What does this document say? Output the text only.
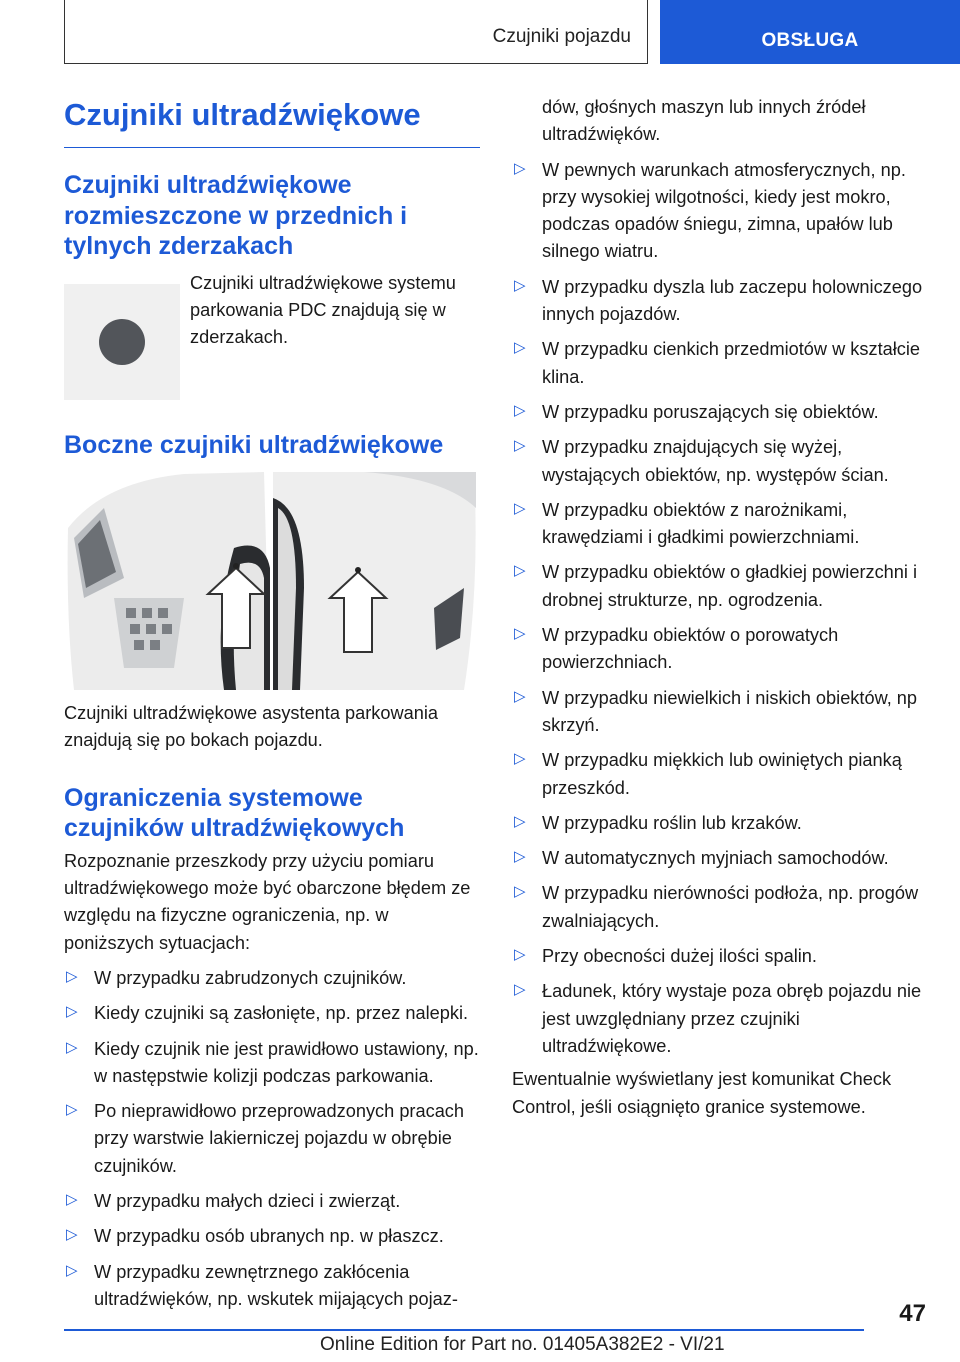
Czujniki pojazdu	OBSŁUGA
Czujniki ultradźwiękowe
Czujniki ultradźwiękowe rozmieszczone w przednich i tylnych zderzakach

Czujniki ultradźwiękowe systemu parkowania PDC znajdują się w zderzakach.

Boczne czujniki ultradźwiękowe

Czujniki ultradźwiękowe asystenta parkowania znajdują się po bokach pojazdu.

Ograniczenia systemowe czujników ultradźwiękowych

Rozpoznanie przeszkody przy użyciu pomiaru ultradźwiękowego może być obarczone błędem ze względu na fizyczne ograniczenia, np. w poniższych sytuacjach:

▷ W przypadku zabrudzonych czujników.
▷ Kiedy czujniki są zasłonięte, np. przez nalepki.
▷ Kiedy czujnik nie jest prawidłowo ustawiony, np. w następstwie kolizji podczas parkowania.
▷ Po nieprawidłowo przeprowadzonych pracach przy warstwie lakierniczej pojazdu w obrębie czujników.
▷ W przypadku małych dzieci i zwierząt.
▷ W przypadku osób ubranych np. w płaszcz.
▷ W przypadku zewnętrznego zakłócenia ultradźwięków, np. wskutek mijających pojaz-
dów, głośnych maszyn lub innych źródeł ultradźwięków.
▷ W pewnych warunkach atmosferycznych, np. przy wysokiej wilgotności, kiedy jest mokro, podczas opadów śniegu, zimna, upałów lub silnego wiatru.
▷ W przypadku dyszla lub zaczepu holowniczego innych pojazdów.
▷ W przypadku cienkich przedmiotów w kształcie klina.
▷ W przypadku poruszających się obiektów.
▷ W przypadku znajdujących się wyżej, wystających obiektów, np. występów ścian.
▷ W przypadku obiektów z narożnikami, krawędziami i gładkimi powierzchniami.
▷ W przypadku obiektów o gładkiej powierzchni i drobnej strukturze, np. ogrodzenia.
▷ W przypadku obiektów o porowatych powierzchniach.
▷ W przypadku niewielkich i niskich obiektów, np skrzyń.
▷ W przypadku miękkich lub owiniętych pianką przeszkód.
▷ W przypadku roślin lub krzaków.
▷ W automatycznych myjniach samochodów.
▷ W przypadku nierówności podłoża, np. progów zwalniających.
▷ Przy obecności dużej ilości spalin.
▷ Ładunek, który wystaje poza obręb pojazdu nie jest uwzględniany przez czujniki ultradźwiękowe.

Ewentualnie wyświetlany jest komunikat Check Control, jeśli osiągnięto granice systemowe.

47
Online Edition for Part no. 01405A382E2 - VI/21
